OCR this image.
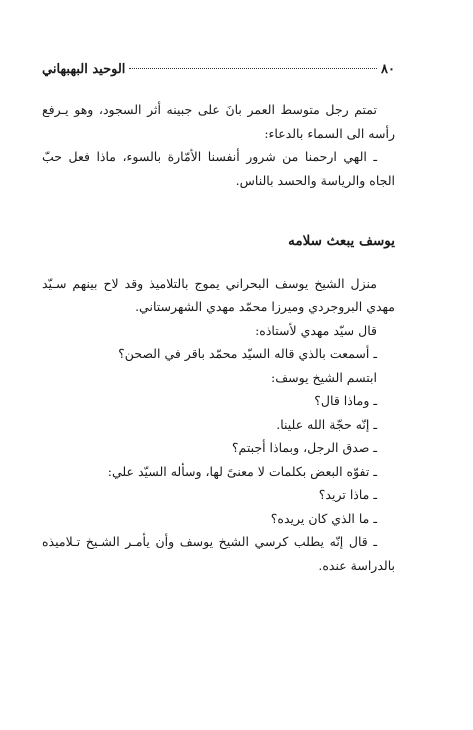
٨٠
الوحيد البهبهاني

تمتم رجل متوسط العمر بانَ على جبينه أثر السجود، وهو يـرفع رأسه الى السماء بالدعاء:

ـ الهي ارحمنا من شرور أنفسنا الأمّارة بالسوء، ماذا فعل حبّ الجاه والرياسة والحسد بالناس.

يوسف يبعث سلامه

منزل الشيخ يوسف البحراني يموج بالتلاميذ وقد لاح بينهم سـيّد مهدي البروجردي وميرزا محمّد مهدي الشهرستاني.

قال سيّد مهدي لأستاذه:

ـ أسمعت بالذي قاله السيّد محمّد باقر في الصحن؟

ابتسم الشيخ يوسف:

ـ وماذا قال؟

ـ إنّه حجّة الله علينا.

ـ صدق الرجل، وبماذا أجبتم؟

ـ تفوّه البعض بكلمات لا معنىً لها، وسأله السيّد علي:

ـ ماذا تريد؟

ـ ما الذي كان يريده؟

ـ قال إنّه يطلب كرسي الشيخ يوسف وأن يأمـر الشـيخ تـلاميذه بالدراسة عنده.
